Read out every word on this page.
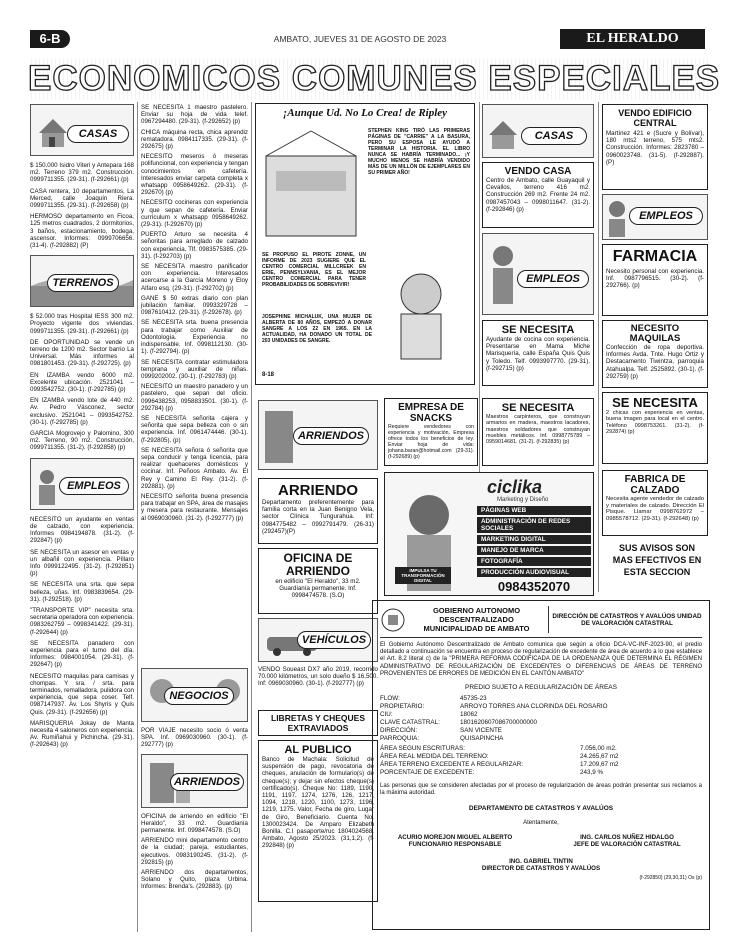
6-B	AMBATO, JUEVES 31 DE AGOSTO DE 2023	EL HERALDO
ECONOMICOS COMUNES ESPECIALES
CASAS
$ 150.000 Isidro Viteri y Antepara 168 m2. Terreno 379 m2. Construcción. 0999711355. (29-31). (f-292661) (p)
CASA rentera, 10 departamentos, La Merced, calle Joaquín Riera. 0999711355. (29-31). (f-292658) (p)
HERMOSO departamento en Ficoa, 125 metros cuadrados, 2 dormitorios, 3 baños, estacionamiento, bodega, ascensor. Informes: 0999706656. (31-4). (f-292882) (P)
TERRENOS
$ 52.000 tras Hospital IESS 300 m2. Proyecto vigente dos viviendas. 0999711355. (29-31). (f-292661) (p)
DE OPORTUNIDAD se vende un terreno de 1200 m2. Sector barrio La Universal. Más informes al 0981801453. (29-31). (f-292725). (p)
EN IZAMBA vendo 6000 m2. Excelente ubicación. 2521041 – 0993542752. (30-1). (f-292785) (p)
EN IZAMBA vendo lote de 440 m2. Av. Pedro Vásconez, sector exclusivo. 2521041 – 0993542752. (30-1). (f-292785) (p)
GARCIA Mogrovejo y Palomino, 300 m2. Terreno, 90 m2. Construcción, 0999711355. (31-2). (f-292858) (p)
EMPLEOS
NECESITO un ayudante en ventas de calzado, con experiencia. Informes 0984194878. (31-2). (f-292847) (p)
SE NECESITA un asesor en ventas y un albañil con experiencia. Píllaro Info 0999122495. (31-2). (f-292851) (p)
SE NECESITA una srta. que sepa belleza, uñas. Inf. 0983839654. (29-31). (f-292518). (p)
"TRANSPORTE VIP" necesita srta. secretaria operadora con experiencia. 0983262759 – 0998341422. (29-31). (f-292644) (p)
SE NECESITA panadero con experiencia para el turno del día. Informes: 0984001054. (29-31). (f-292647) (p)
NECESITO maquilas para camisas y chompas. Y sra. / srta. para terminados, remalladora, pulidora con experiencia, que sepa coser. Telf. 0987147937. Av. Los Shyris y Quis Quis. (29-31). (f-292656) (p)
MARISQUERIA Jokay de Manta necesita 4 saloneros con experiencia. Av. Rumiñahui y Pichincha. (29-31). (f-292643) (p)
SE NECESITA 1 maestro pastelero. Enviar su hoja de vida telef. 0967294480. (29-31). (f-292652) (p)
CHICA máquina recta, chica aprendiz rematadora. 0984117335. (29-31). (f-292675) (p)
NECESITO meseros ó meseras polifuncional, con experiencia y tengan conocimientos en cafetería. Interesados enviar carpeta completa x whatsapp 0958649262. (29-31). (f-292670) (p)
NECESITO cocineras con experiencia y que sepan de cafetería. Enviar currículum x whatsapp 0958649262. (29-31). (f-292670) (p)
PUERTO Arturo se necesita 4 señoritas para arreglado de calzado con experiencia. Tlf. 0983575385. (29-31). (f-292703) (p)
SE NECESITA maestro panificador con experiencia. Interesados acercarse a la García Moreno y Eloy Alfaro esq. (29-31). (f-292702) (p)
GANE $ 50 extras diario con plan jubilación familiar. 0993329728 – 0987610412. (29-31). (f-292678). (p)
SE NECESITA srta. buena presencia para trabajar como Auxiliar de Odontología. Experiencia no indispensable. Inf. 0998112130. (30-1). (f-292794). (p)
SE NECESITA contratar estimuladora temprana y auxiliar de niñas. 0999202002. (30-1). (f-292783) (p)
NECESITO un maestro panadero y un pastelero, que sepan del oficio. 0996438253, 0958833501. (30-1). (f-292784) (p)
SE NECESITA señorita cajera y señorita que sepa belleza con o sin experiencia. Inf. 0961474446. (30-1). (f-292805). (p)
SE NECESITA señora ó señorita que sepa conducir y tenga licencia, para realizar quehaceres domésticos y cocinar. Inf. Peñoos Ambato. Av. El Rey y Camino El Rey. (31-2). (f-292881). (p)
NECESITO señorita buena presencia para trabajar en SPA, área de masajes y mesera para restaurante. Mensajes al 0969030960. (31-2). (f-292777) (p)
NEGOCIOS
POR VIAJE necesito socio ó venta SPA. Inf. 0969030960. (30-1). (f-292777) (p)
ARRIENDOS
OFICINA de arriendo en edificio "El Heraldo", 33 m2. Guardianía permanente. Inf. 0998474578. (S.O)
ARRIENDO mini departamento centro de la ciudad; pareja, estudiantes, ejecutivos. 0983190245. (31-2). (f-292815) (p)
ARRIENDO dos departamentos, Solano y Quito, plaza Urbina. Informes: Brenda's. (292883). (p)
¡Aunque Ud. No Lo Crea! de Ripley
STEPHEN KING TIRÓ LAS PRIMERAS PÁGINAS DE "CARRIE" A LA BASURA, PERO SU ESPOSA LE AYUDÓ A TERMINAR LA HISTORIA. EL LIBRO NUNCA SE HABRÍA TERMINADO... ¡Y MUCHO MENOS SE HABRÍA VENDIDO MÁS DE UN MILLÓN DE EJEMPLARES EN SU PRIMER AÑO!
SE PROPUSO EL PIROTE ZONNE, UN INFORME DE 2023 SUGIERE QUE EL CENTRO COMERCIAL MILLCREEK EN ERIE, PENNSYLVANIA, ES EL MEJOR CENTRO COMERCIAL PARA TENER PROBABILIDADES DE SOBREVIVIR!
JOSEPHINE MICHALUK, UNA MUJER DE ALBERTA DE 80 AÑOS, EMPEZÓ A DONAR SANGRE A LOS 22 EN 1965. EN LA ACTUALIDAD, HA DONADO UN TOTAL DE 203 UNIDADES DE SANGRE.
8-18
ARRIENDO
Departamento preferentemente para familia corta en la Juan Benigno Vela, sector Clínica Tungurahua. Inf: 0984775482 – 0992791479. (26-31)(292457)(P)
OFICINA DE ARRIENDO
en edificio "El Heraldo", 33 m2. Guardianía permanente. Inf. 0998474578. (S.O)
VEHÍCULOS
VENDO Soueast DX7 año 2019, recorrido 70.000 kilómetros, un solo dueño $ 16.500. Inf: 0969030960. (30-1). (f-292777) (p)
LIBRETAS Y CHEQUES EXTRAVIADOS
AL PUBLICO
Banco de Machala: Solicitud de suspensión de pago, revocatoria de cheques, anulación de formulario(s) de cheque(s); y dejar sin efectos cheque(s) certificado(s). Cheque No: 1189, 1190, 1191, 1197, 1274, 1276, 126, 1217, 1094, 1218, 1220, 1100, 1273, 1196, 1219, 1275. Valor, Fecha de giro, Lugar de Giro, Beneficiario. Cuenta No. 1300023424. De Amparo Elizabeth Bonilla. C.I pasaporte/ruc 1804024568. Ambato, Agosto 25/2023. (31,1,2). (f-292848) (p)
CASAS
VENDO CASA
Centro de Ambato, calle Guayaquil y Cevallos, terreno 416 m2. Construcción 269 m2. Frente 24 m2. 0987457043 – 0998011647. (31-2). (f-292846) (p)
EMPLEOS
SE NECESITA
Ayudante de cocina con experiencia. Presentarse en Mama Miche Marisquería, calle España Quis Quis y Toledo. Telf. 0993997770. (29-31). (f-292715) (p)
ARRIENDOS
EMPRESA DE SNACKS
Requiere vendedores con experiencia y motivación. Empresa ofrece todos los beneficios de ley. Enviar hoja de vida: johana.baran@hotmail.com (29-31). (f-292689) (p)
SE NECESITA
Maestros carpinteros, que construyan armarios en madera, maestros lacadores, maestros soldadores que construyan muebles metálicos. Inf. 0998775789 – 0959014681. (31-2). (f-292835) (p)
IMPULSA TU TRANSFORMACIÓN DIGITAL
ciclika
Marketing y Diseño
PÁGINAS WEB
ADMINISTRACIÓN DE REDES SOCIALES
MARKETING DIGITAL
MANEJO DE MARCA
FOTOGRAFÍA
PRODUCCIÓN AUDIOVISUAL
0984352070
VENDO EDIFICIO CENTRAL
Martínez 421 e (Sucre y Bolívar), 180 mts2 terreno, 575 mts2. Construcción. Informes: 2823780 – 0960023748. (31-5). (f-292887). (P)
EMPLEOS
FARMACIA
Necesito personal con experiencia. Inf. 0987796515. (30-2). (f-292766). (p)
NECESITO MAQUILAS
Confección de ropa deportiva. Informes Avda. Tnte. Hugo Ortiz y Destacamento Tiwintza, parroquia Atahualpa. Telf. 2525892. (30-1). (f-292759) (p)
SE NECESITA
2 chicas con experiencia en ventas, buena imagen para local en el centro. Teléfono 0998753261. (31-2). (f-292874) (p)
FABRICA DE CALZADO
Necesita agente vendedor de calzado y materiales de calzado. Dirección El Pisque. Llamar 0998762972 – 0985578712. (29-31). (f-292648) (p)
SUS AVISOS SON MAS EFECTIVOS EN ESTA SECCION
GOBIERNO AUTONOMO DESCENTRALIZADO MUNICIPALIDAD DE AMBATO
DIRECCIÓN DE CATASTROS Y AVALÚOS UNIDAD DE VALORACIÓN CATASTRAL
El Gobierno Autónomo Descentralizado de Ambato comunica que según a oficio DCA-VC-INF-2023-90, el predio detallado a continuación se encuentra en proceso de regularización de excedente de área de acuerdo a lo que establece el Art. 8.2 literal c) de la "PRIMERA REFORMA CODIFICADA DE LA ORDENANZA QUE DETERMINA EL RÉGIMEN ADMINISTRATIVO DE REGULARIZACIÓN DE EXCEDENTES O DIFERENCIAS DE ÁREAS DE TERRENO PROVENIENTES DE ERRORES DE MEDICIÓN EN EL CANTÓN AMBATO"
PREDIO SUJETO A REGULARIZACIÓN DE ÁREAS
FLOW:	45735-23
PROPIETARIO:	ARROYO TORRES ANA CLORINDA DEL ROSARIO
CIU:	18062
CLAVE CATASTRAL:	1801620607086700000000
DIRECCIÓN:	SAN VICENTE
PARROQUIA:	QUISAPINCHA
ÁREA SEGUN ESCRITURAS:	7.056,00 m2.
ÁREA REAL MEDIDA DEL TERRENO:	24.265,67 m2
ÁREA TERRENO EXCEDENTE A REGULARIZAR:	17.209,67 m2
PORCENTAJE DE EXCEDENTE:	243,9 %
Las personas que se consideren afectadas por el proceso de regularización de áreas podrán presentar sus reclamos a la máxima autoridad.
DEPARTAMENTO DE CATASTROS Y AVALÚOS
Atentamente,
ACURIO MOREJON MIGUEL ALBERTO
FUNCIONARIO RESPONSABLE
ING. CARLOS NUÑEZ HIDALGO
JEFE DE VALORACIÓN CATASTRAL
ING. GABRIEL TINTIN
DIRECTOR DE CATASTROS Y AVALÚOS
(f-292850) (29,30,31) Os (p)
